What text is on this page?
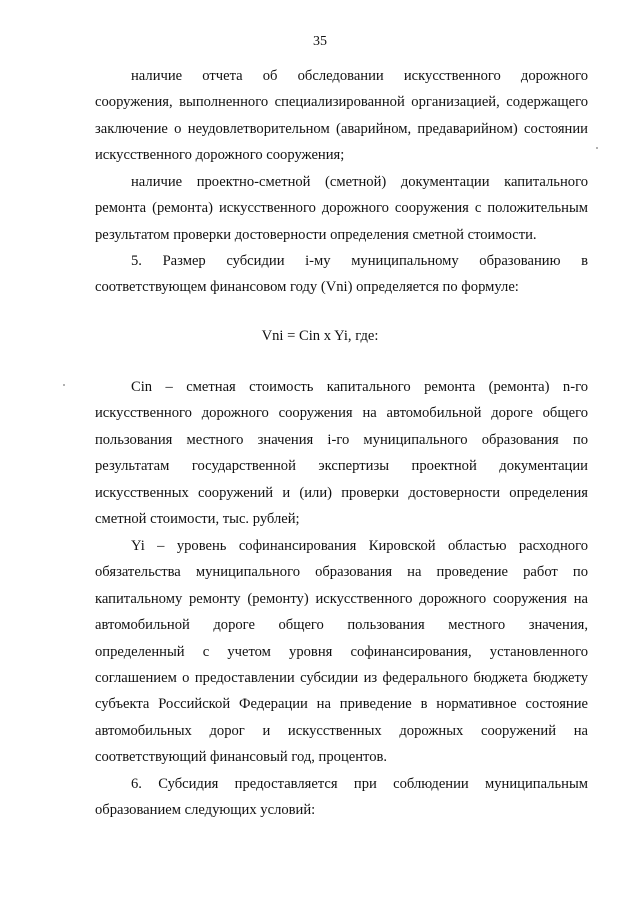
35
наличие отчета об обследовании искусственного дорожного
сооружения, выполненного специализированной организацией, содержащего
заключение о неудовлетворительном (аварийном, предаварийном) состоянии
искусственного дорожного сооружения;
наличие проектно-сметной (сметной) документации капитального
ремонта (ремонта) искусственного дорожного сооружения с положительным
результатом проверки достоверности определения сметной стоимости.
5. Размер субсидии i-му муниципальному образованию в
соответствующем финансовом году (Vni) определяется по формуле:
Vni = Cin x Yi, где:
Cin – сметная стоимость капитального ремонта (ремонта) n-го
искусственного дорожного сооружения на автомобильной дороге общего
пользования местного значения i-го муниципального образования по
результатам государственной экспертизы проектной документации
искусственных сооружений и (или) проверки достоверности определения
сметной стоимости, тыс. рублей;
Yi – уровень софинансирования Кировской областью расходного
обязательства муниципального образования на проведение работ по
капитальному ремонту (ремонту) искусственного дорожного сооружения на
автомобильной дороге общего пользования местного значения,
определенный с учетом уровня софинансирования, установленного
соглашением о предоставлении субсидии из федерального бюджета бюджету
субъекта Российской Федерации на приведение в нормативное состояние
автомобильных дорог и искусственных дорожных сооружений на
соответствующий финансовый год, процентов.
6. Субсидия предоставляется при соблюдении муниципальным
образованием следующих условий:
